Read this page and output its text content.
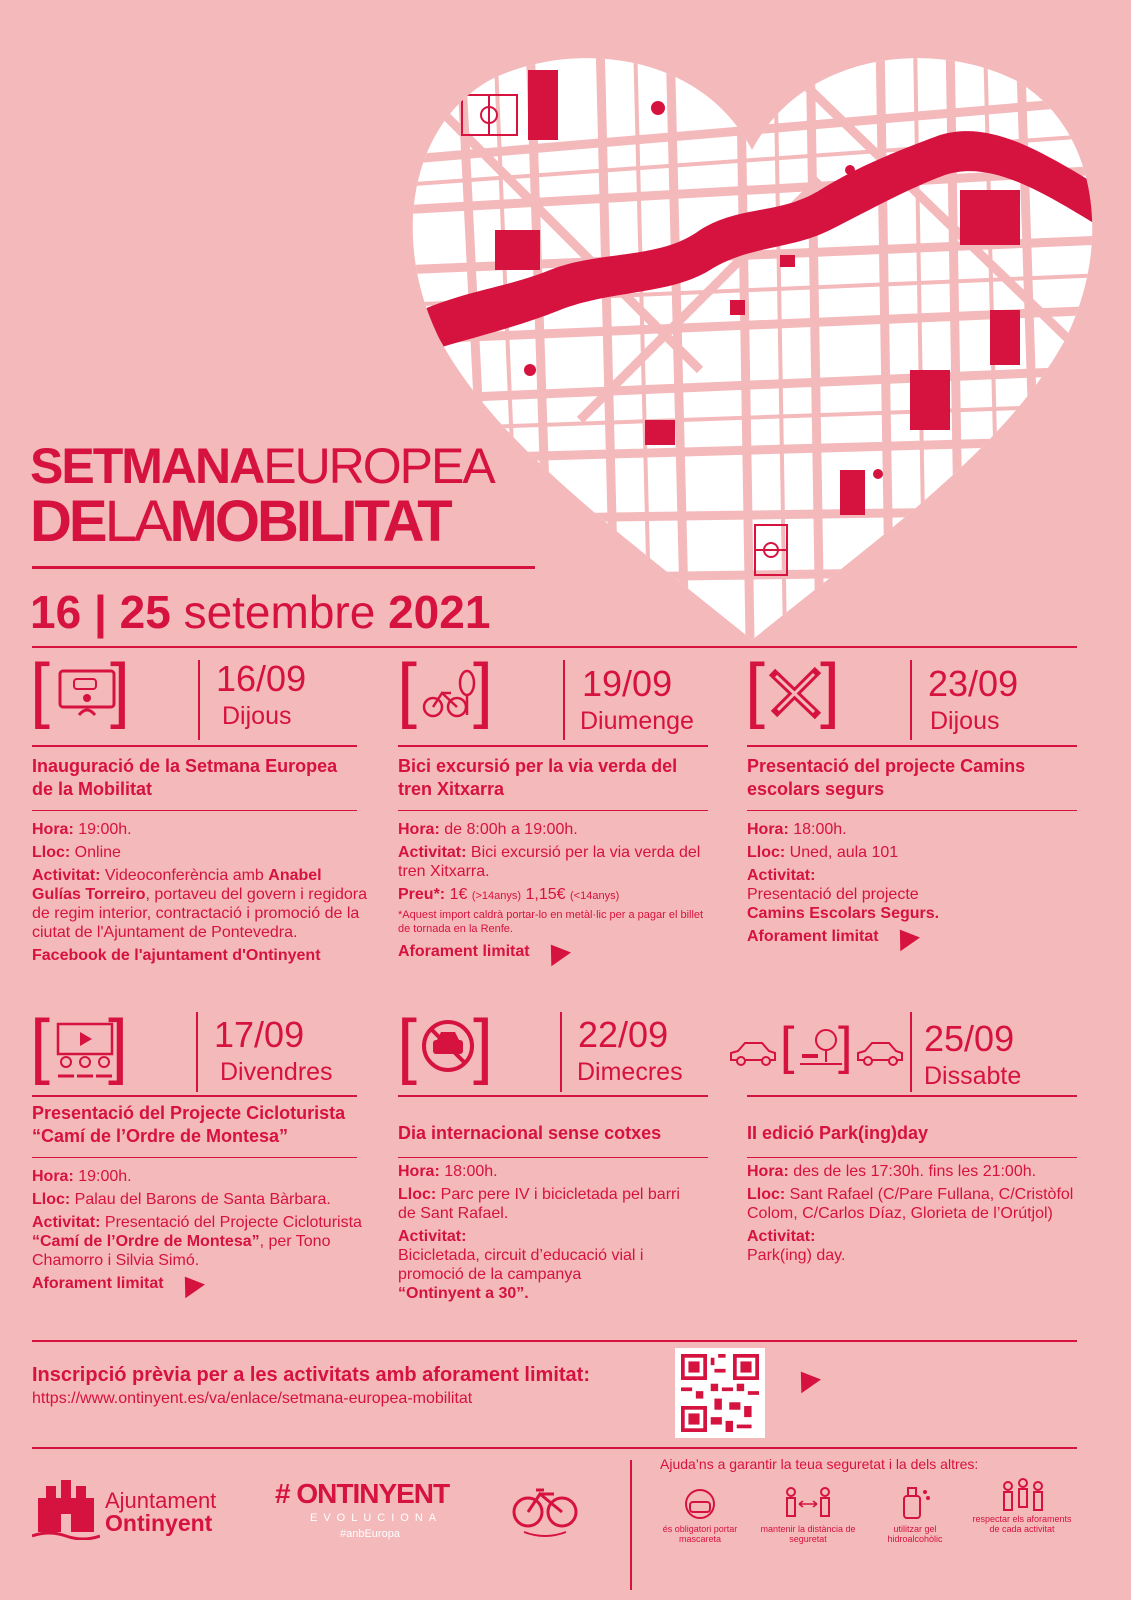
SETMANAEUROPEA
DELAMOBILITAT
16 | 25 setembre 2021
[ ] 16/09
Dijous
Inauguració de la Setmana Europea de la Mobilitat

Hora: 19:00h.

Lloc: Online

Activitat: Videoconferència amb Anabel Gulías Torreiro, portaveu del govern i regidora de regim interior, contractació i promoció de la ciutat de l'Ajuntament de Pontevedra.

Facebook de l'ajuntament d'Ontinyent

[ ] 19/09
Diumenge
Bici excursió per la via verda del tren Xitxarra

Hora: de 8:00h a 19:00h.

Activitat: Bici excursió per la via verda del tren Xitxarra.

Preu*: 1€ (>14anys) 1,15€ (<14anys)

*Aquest import caldrà portar-lo en metàl·lic per a pagar el billet de tornada en la Renfe.

Aforament limitat

[ ] 23/09
Dijous
Presentació del projecte Camins escolars segurs

Hora: 18:00h.

Lloc: Uned, aula 101

Activitat:
Presentació del projecte
Camins Escolars Segurs.

Aforament limitat

[ ] 17/09
Divendres
Presentació del Projecte Cicloturista “Camí de l’Ordre de Montesa”

Hora: 19:00h.

Lloc: Palau del Barons de Santa Bàrbara.

Activitat: Presentació del Projecte Cicloturista “Camí de l’Ordre de Montesa”, per Tono Chamorro i Silvia Simó.

Aforament limitat

[ ] 22/09
Dimecres
Dia internacional sense cotxes

Hora: 18:00h.

Lloc: Parc pere IV i bicicletada pel barri de Sant Rafael.

Activitat:
Bicicletada, circuit d’educació vial i promoció de la campanya
“Ontinyent a 30”.

[ ] 25/09
Dissabte
II edició Park(ing)day

Hora: des de les 17:30h. fins les 21:00h.

Lloc: Sant Rafael (C/Pare Fullana, C/Cristòfol Colom, C/Carlos Díaz, Glorieta de l’Orútjol)

Activitat:
Park(ing) day.

Inscripció prèvia per a les activitats amb aforament limitat:
https://www.ontinyent.es/va/enlace/setmana-europea-mobilitat
Ajuntament
Ontinyent
# ONTINYENT
EVOLUCIONA
#anbEuropa
Ajuda’ns a garantir la teua seguretat i la dels altres:
és obligatori portar mascareta
mantenir la distància de seguretat
utilitzar gel hidroalcohòlic
respectar els aforaments de cada activitat
